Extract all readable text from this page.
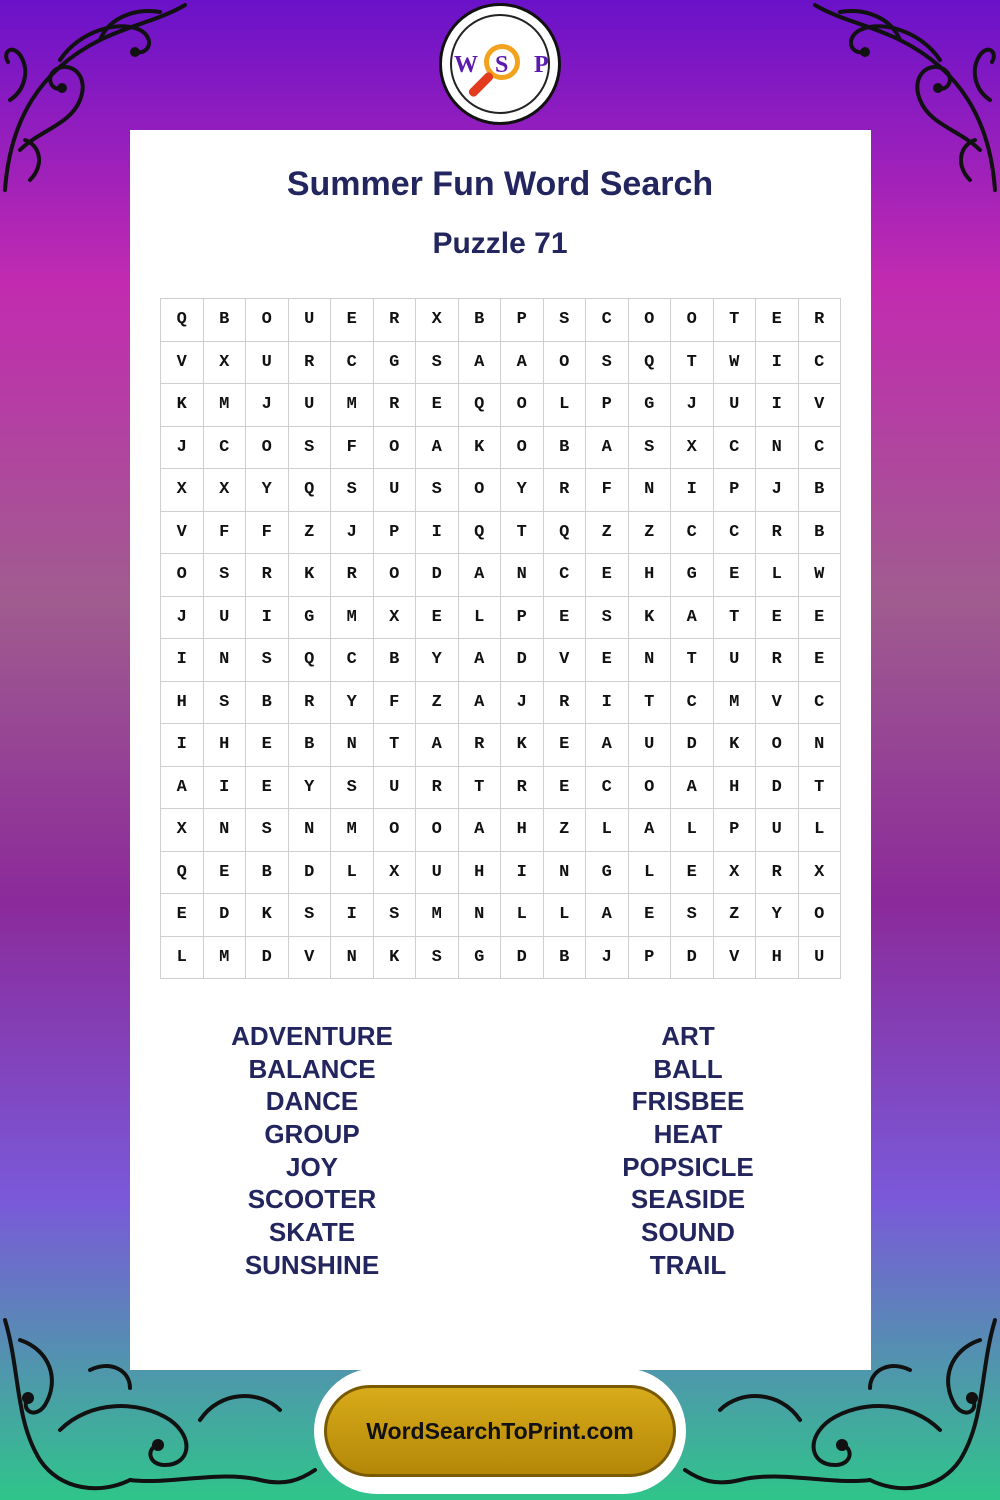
W S P
Summer Fun Word Search
Puzzle 71
Q	B	O	U	E	R	X	B	P	S	C	O	O	T	E	R
V	X	U	R	C	G	S	A	A	O	S	Q	T	W	I	C
K	M	J	U	M	R	E	Q	O	L	P	G	J	U	I	V
J	C	O	S	F	O	A	K	O	B	A	S	X	C	N	C
X	X	Y	Q	S	U	S	O	Y	R	F	N	I	P	J	B
V	F	F	Z	J	P	I	Q	T	Q	Z	Z	C	C	R	B
O	S	R	K	R	O	D	A	N	C	E	H	G	E	L	W
J	U	I	G	M	X	E	L	P	E	S	K	A	T	E	E
I	N	S	Q	C	B	Y	A	D	V	E	N	T	U	R	E
H	S	B	R	Y	F	Z	A	J	R	I	T	C	M	V	C
I	H	E	B	N	T	A	R	K	E	A	U	D	K	O	N
A	I	E	Y	S	U	R	T	R	E	C	O	A	H	D	T
X	N	S	N	M	O	O	A	H	Z	L	A	L	P	U	L
Q	E	B	D	L	X	U	H	I	N	G	L	E	X	R	X
E	D	K	S	I	S	M	N	L	L	A	E	S	Z	Y	O
L	M	D	V	N	K	S	G	D	B	J	P	D	V	H	U
ADVENTURE
BALANCE
DANCE
GROUP
JOY
SCOOTER
SKATE
SUNSHINE
ART
BALL
FRISBEE
HEAT
POPSICLE
SEASIDE
SOUND
TRAIL
WordSearchToPrint.com
